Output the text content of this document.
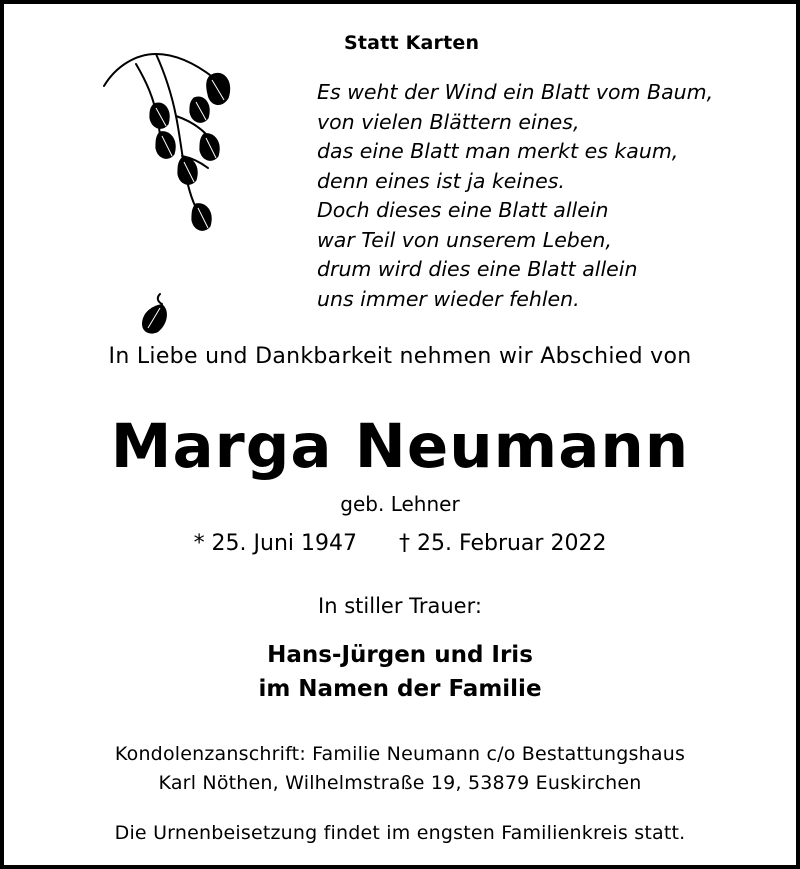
Statt Karten
Es weht der Wind ein Blatt vom Baum,
von vielen Blättern eines,
das eine Blatt man merkt es kaum,
denn eines ist ja keines.
Doch dieses eine Blatt allein
war Teil von unserem Leben,
drum wird dies eine Blatt allein
uns immer wieder fehlen.
In Liebe und Dankbarkeit nehmen wir Abschied von
Marga Neumann
geb. Lehner
* 25. Juni 1947 † 25. Februar 2022
In stiller Trauer:
Hans-Jürgen und Iris
im Namen der Familie
Kondolenzanschrift: Familie Neumann c/o Bestattungshaus
Karl Nöthen, Wilhelmstraße 19, 53879 Euskirchen
Die Urnenbeisetzung findet im engsten Familienkreis statt.
